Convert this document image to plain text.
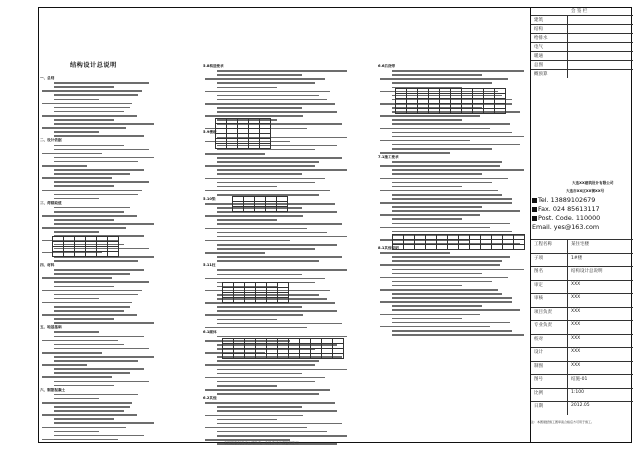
结构设计总说明
一、总则
二、设计依据
三、荷载取值
四、材料
五、地基基础
六、钢筋混凝土
5.8构造要求
5.9楼板
5.10梁
5.11柱
6.1砌体
6.2其他
6.6后浇带
7.1施工要求
8.1其他说明

会 签 栏
建筑
结构
给排水
电气
暖通
总图
概预算
工程名称	某住宅楼
子项	1#楼
图名	结构设计总说明
审定	XXX
审核	XXX
项目负责	XXX
专业负责	XXX
校对	XXX
设计	XXX
制图	XXX
图号	结施-01
比例	1:100
日期	2012.05
大连XX建筑设计有限公司
大连市XX区XX街XX号
Tel. 13889102679
Fax. 024 85613117
Post. Code. 110000
Email. yes@163.com
注：本图须经施工图审查合格后方可用于施工。
本图纸版权归本公司所有，未经许可不得复制使用
